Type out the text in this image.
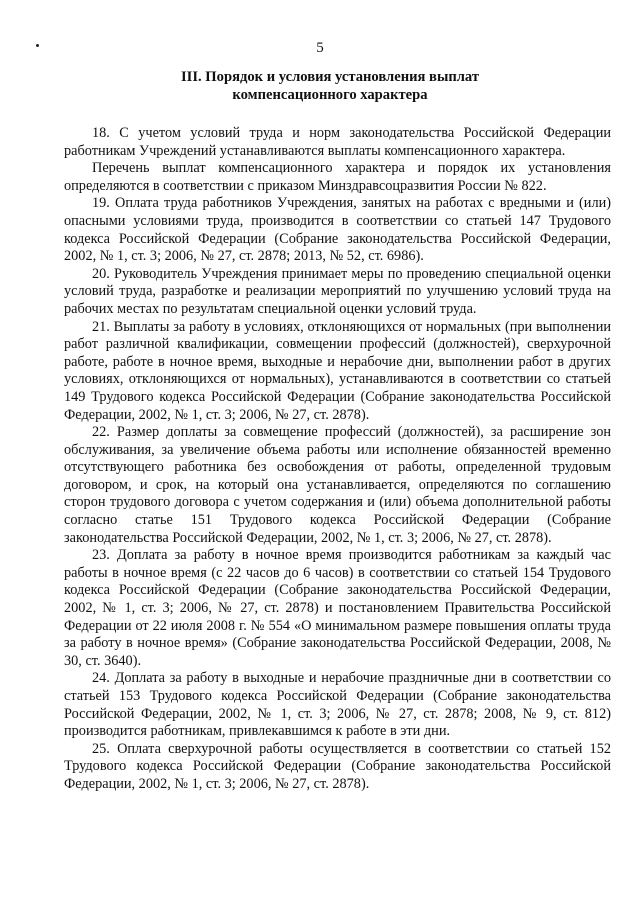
5
III. Порядок и условия установления выплат компенсационного характера

18. С учетом условий труда и норм законодательства Российской Федерации работникам Учреждений устанавливаются выплаты компенсационного характера.

Перечень выплат компенсационного характера и порядок их установления определяются в соответствии с приказом Минздравсоцразвития России № 822.

19. Оплата труда работников Учреждения, занятых на работах с вредными и (или) опасными условиями труда, производится в соответствии со статьей 147 Трудового кодекса Российской Федерации (Собрание законодательства Российской Федерации, 2002, № 1, ст. 3; 2006, № 27, ст. 2878; 2013, № 52, ст. 6986).

20. Руководитель Учреждения принимает меры по проведению специальной оценки условий труда, разработке и реализации мероприятий по улучшению условий труда на рабочих местах по результатам специальной оценки условий труда.

21. Выплаты за работу в условиях, отклоняющихся от нормальных (при выполнении работ различной квалификации, совмещении профессий (должностей), сверхурочной работе, работе в ночное время, выходные и нерабочие дни, выполнении работ в других условиях, отклоняющихся от нормальных), устанавливаются в соответствии со статьей 149 Трудового кодекса Российской Федерации (Собрание законодательства Российской Федерации, 2002, № 1, ст. 3; 2006, № 27, ст. 2878).

22. Размер доплаты за совмещение профессий (должностей), за расширение зон обслуживания, за увеличение объема работы или исполнение обязанностей временно отсутствующего работника без освобождения от работы, определенной трудовым договором, и срок, на который она устанавливается, определяются по соглашению сторон трудового договора с учетом содержания и (или) объема дополнительной работы согласно статье 151 Трудового кодекса Российской Федерации (Собрание законодательства Российской Федерации, 2002, № 1, ст. 3; 2006, № 27, ст. 2878).

23. Доплата за работу в ночное время производится работникам за каждый час работы в ночное время (с 22 часов до 6 часов) в соответствии со статьей 154 Трудового кодекса Российской Федерации (Собрание законодательства Российской Федерации, 2002, № 1, ст. 3; 2006, № 27, ст. 2878) и постановлением Правительства Российской Федерации от 22 июля 2008 г. № 554 «О минимальном размере повышения оплаты труда за работу в ночное время» (Собрание законодательства Российской Федерации, 2008, № 30, ст. 3640).

24. Доплата за работу в выходные и нерабочие праздничные дни в соответствии со статьей 153 Трудового кодекса Российской Федерации (Собрание законодательства Российской Федерации, 2002, № 1, ст. 3; 2006, № 27, ст. 2878; 2008, № 9, ст. 812) производится работникам, привлекавшимся к работе в эти дни.

25. Оплата сверхурочной работы осуществляется в соответствии со статьей 152 Трудового кодекса Российской Федерации (Собрание законодательства Российской Федерации, 2002, № 1, ст. 3; 2006, № 27, ст. 2878).
